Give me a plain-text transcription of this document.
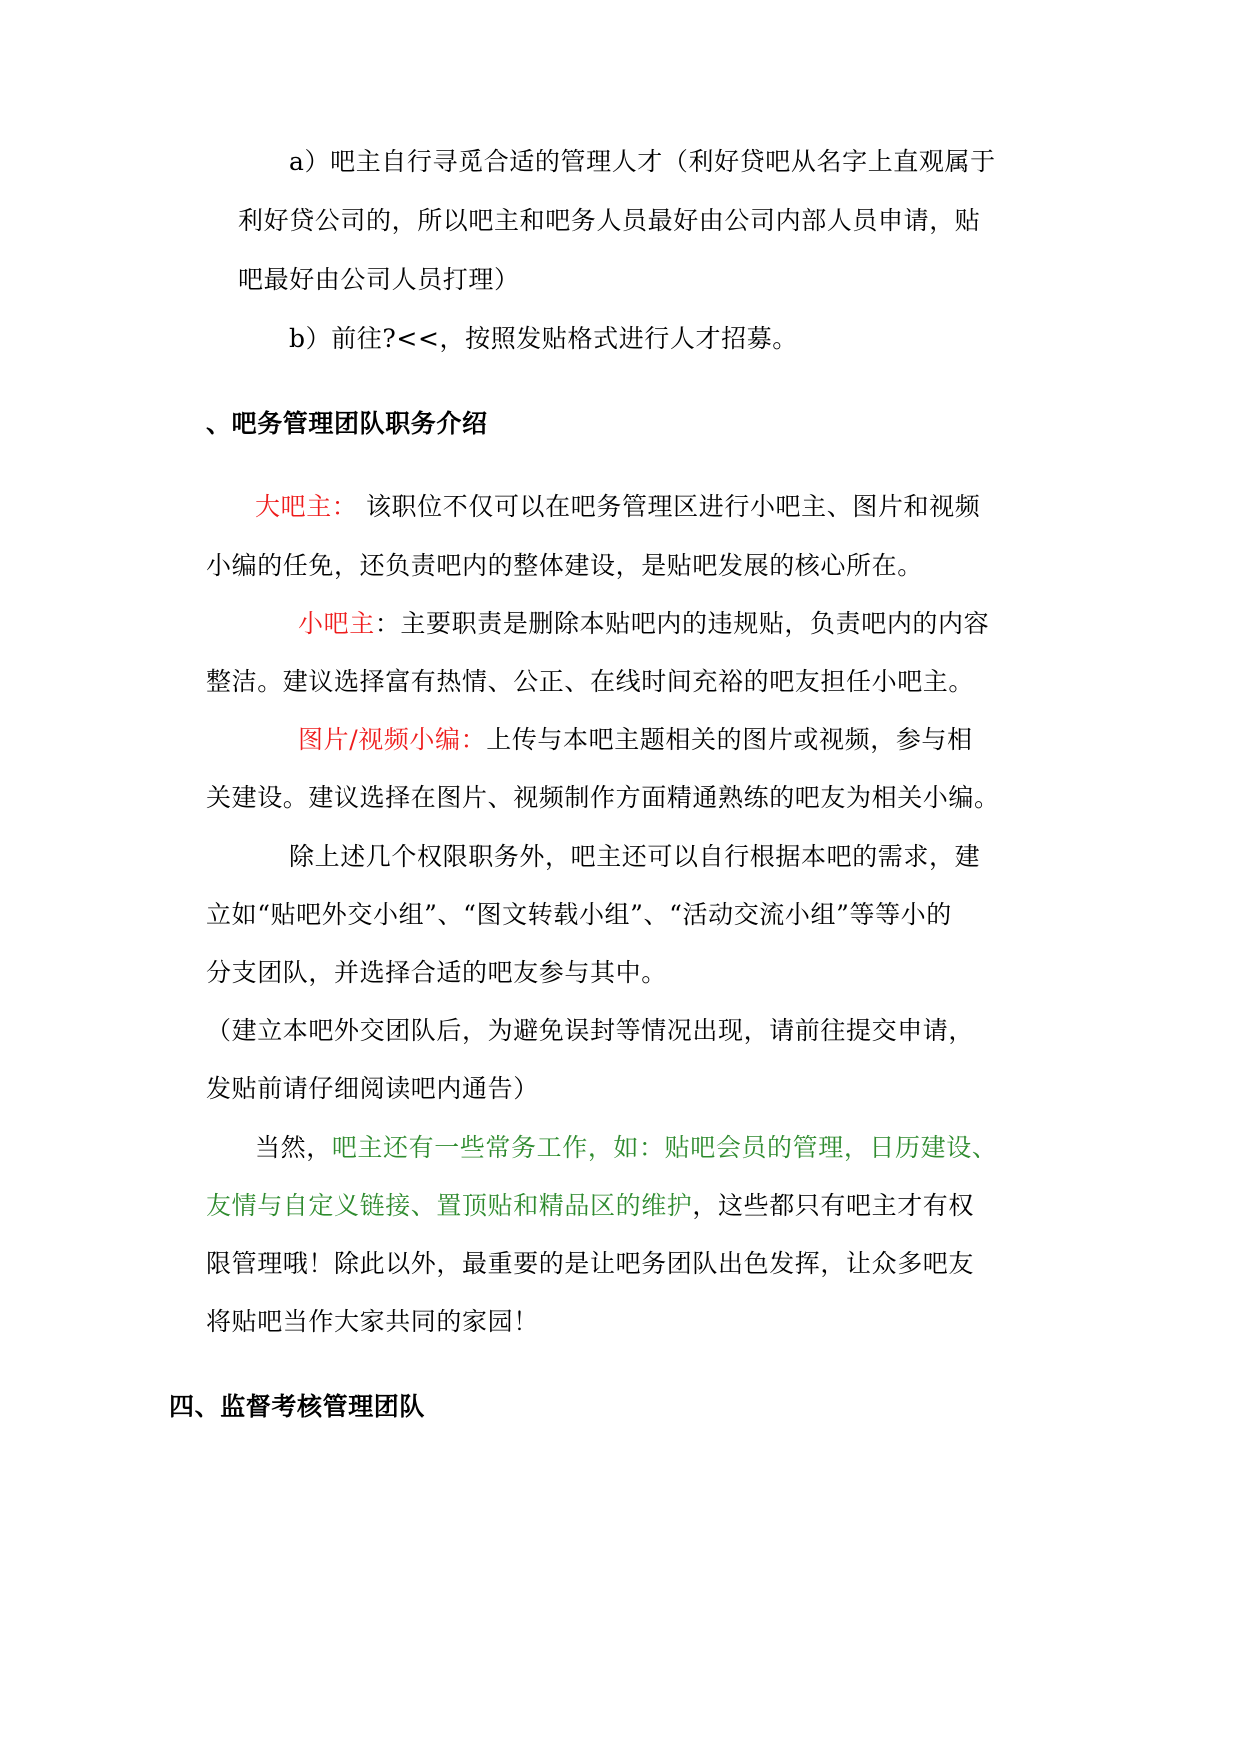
a）吧主自行寻觅合适的管理人才（利好贷吧从名字上直观属于
利好贷公司的，所以吧主和吧务人员最好由公司内部人员申请，贴
吧最好由公司人员打理）
b）前往?<<，按照发贴格式进行人才招募。
、吧务管理团队职务介绍
大吧主： 该职位不仅可以在吧务管理区进行小吧主、图片和视频
小编的任免，还负责吧内的整体建设，是贴吧发展的核心所在。
小吧主：主要职责是删除本贴吧内的违规贴，负责吧内的内容
整洁。建议选择富有热情、公正、在线时间充裕的吧友担任小吧主。
图片/视频小编：上传与本吧主题相关的图片或视频，参与相
关建设。建议选择在图片、视频制作方面精通熟练的吧友为相关小编。
除上述几个权限职务外，吧主还可以自行根据本吧的需求，建
立如“贴吧外交小组”、“图文转载小组”、“活动交流小组”等等小的
分支团队，并选择合适的吧友参与其中。
（建立本吧外交团队后，为避免误封等情况出现，请前往提交申请，
发贴前请仔细阅读吧内通告）
当然，吧主还有一些常务工作，如：贴吧会员的管理，日历建设、
友情与自定义链接、置顶贴和精品区的维护，这些都只有吧主才有权
限管理哦！除此以外，最重要的是让吧务团队出色发挥，让众多吧友
将贴吧当作大家共同的家园！
四、监督考核管理团队
